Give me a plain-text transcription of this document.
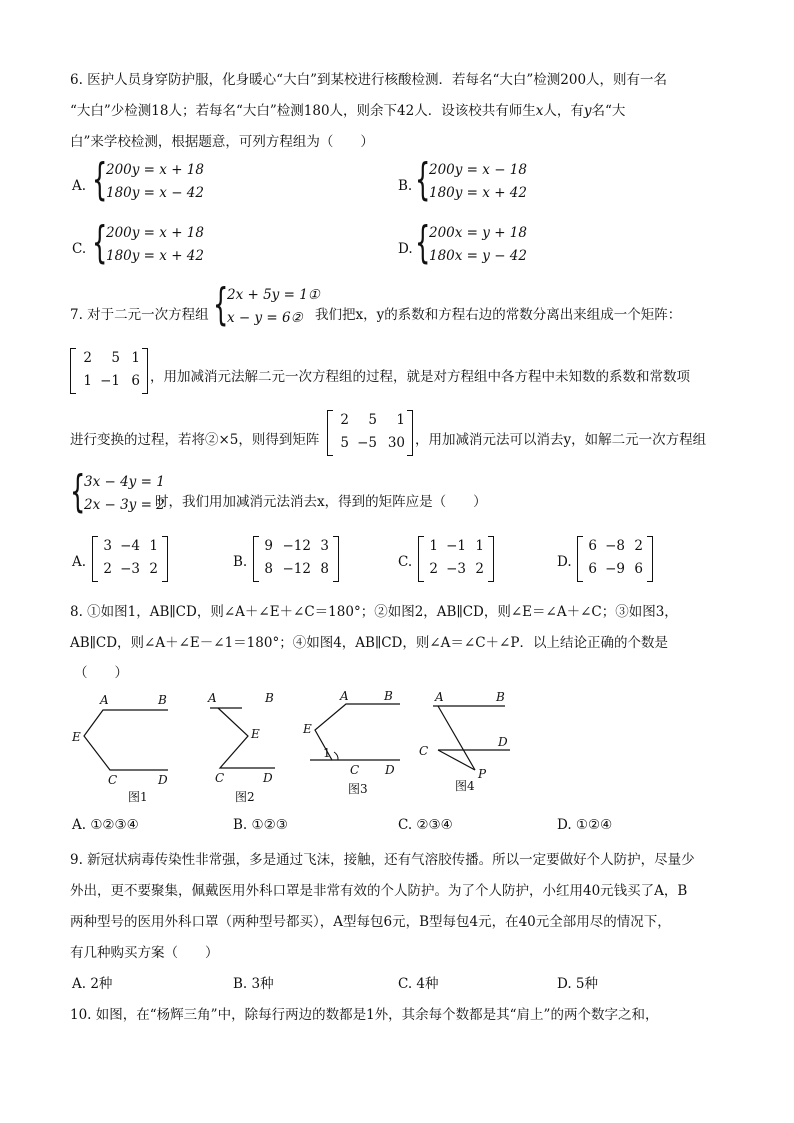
6. 医护人员身穿防护服，化身暖心“大白”到某校进行核酸检测．若每名“大白”检测200人，则有一名
“大白”少检测18人；若每名“大白”检测180人，则余下42人．设该校共有师生x人，有y名“大
白”来学校检测，根据题意，可列方程组为（　　）
A. {
200y = x + 18
180y = x − 42	B. {
200y = x − 18
180y = x + 42
C. {
200y = x + 18
180y = x + 42	D. {
200x = y + 18
180x = y − 42
7. 对于二元一次方程组 {
2x + 5y = 1①
x − y = 6② 我们把x，y的系数和方程右边的常数分离出来组成一个矩阵：
2	5 1
1 −1 6 ，用加减消元法解二元一次方程组的过程，就是对方程组中各方程中未知数的系数和常数项
进行变换的过程，若将②×5，则得到矩阵
2	5	1
5 −5 30 ，用加减消元法可以消去y，如解二元一次方程组
{
3x − 4y = 1
2x − 3y = 2
时，我们用加减消元法消去x，得到的矩阵应是（　　）
A.
3 −4 1
2 −3 2	B.
9 −12 3
8 −12 8	C.
1 −1 1
2 −3 2	D.
6 −8 2
6 −9 6
8. ①如图1，AB∥CD，则∠A＋∠E＋∠C＝180°；②如图2，AB∥CD，则∠E＝∠A＋∠C；③如图3，
AB∥CD，则∠A＋∠E－∠1＝180°；④如图4，AB∥CD，则∠A＝∠C＋∠P．以上结论正确的个数是
（　　）
A	B
E
C	D
A	B
E
C	D
A	B
E
C D
A	B
C
D
P
1
图1	图2
图3	图4
A. ①②③④	B. ①②③	C. ②③④	D. ①②④
9. 新冠状病毒传染性非常强，多是通过飞沫，接触，还有气溶胶传播。所以一定要做好个人防护，尽量少
外出，更不要聚集，佩戴医用外科口罩是非常有效的个人防护。为了个人防护，小红用40元钱买了A，B
两种型号的医用外科口罩（两种型号都买），A型每包6元，B型每包4元，在40元全部用尽的情况下，
有几种购买方案（　　）
A. 2种	B. 3种	C. 4种	D. 5种
10. 如图，在“杨辉三角”中，除每行两边的数都是1外，其余每个数都是其“肩上”的两个数字之和，
